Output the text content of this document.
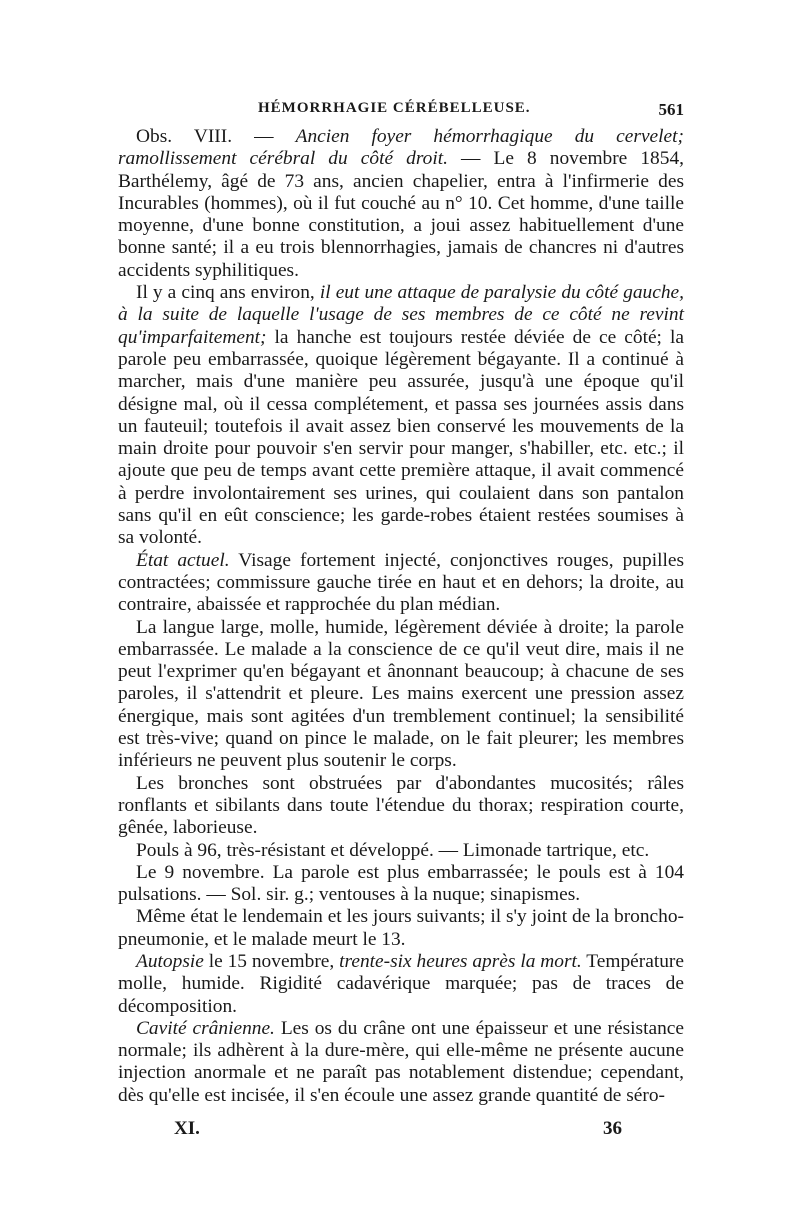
HÉMORRHAGIE CÉRÉBELLEUSE.	561

Obs. VIII. — Ancien foyer hémorrhagique du cervelet; ramollissement cérébral du côté droit. — Le 8 novembre 1854, Barthélemy, âgé de 73 ans, ancien chapelier, entra à l'infirmerie des Incurables (hommes), où il fut couché au n° 10. Cet homme, d'une taille moyenne, d'une bonne constitution, a joui assez habituellement d'une bonne santé; il a eu trois blennorrhagies, jamais de chancres ni d'autres accidents syphilitiques.

Il y a cinq ans environ, il eut une attaque de paralysie du côté gauche, à la suite de laquelle l'usage de ses membres de ce côté ne revint qu'imparfaitement; la hanche est toujours restée déviée de ce côté; la parole peu embarrassée, quoique légèrement bégayante. Il a continué à marcher, mais d'une manière peu assurée, jusqu'à une époque qu'il désigne mal, où il cessa complétement, et passa ses journées assis dans un fauteuil; toutefois il avait assez bien conservé les mouvements de la main droite pour pouvoir s'en servir pour manger, s'habiller, etc. etc.; il ajoute que peu de temps avant cette première attaque, il avait commencé à perdre involontairement ses urines, qui coulaient dans son pantalon sans qu'il en eût conscience; les garde-robes étaient restées soumises à sa volonté.

État actuel. Visage fortement injecté, conjonctives rouges, pupilles contractées; commissure gauche tirée en haut et en dehors; la droite, au contraire, abaissée et rapprochée du plan médian.

La langue large, molle, humide, légèrement déviée à droite; la parole embarrassée. Le malade a la conscience de ce qu'il veut dire, mais il ne peut l'exprimer qu'en bégayant et ânonnant beaucoup; à chacune de ses paroles, il s'attendrit et pleure. Les mains exercent une pression assez énergique, mais sont agitées d'un tremblement continuel; la sensibilité est très-vive; quand on pince le malade, on le fait pleurer; les membres inférieurs ne peuvent plus soutenir le corps.

Les bronches sont obstruées par d'abondantes mucosités; râles ronflants et sibilants dans toute l'étendue du thorax; respiration courte, gênée, laborieuse.

Pouls à 96, très-résistant et développé. — Limonade tartrique, etc.

Le 9 novembre. La parole est plus embarrassée; le pouls est à 104 pulsations. — Sol. sir. g.; ventouses à la nuque; sinapismes.

Même état le lendemain et les jours suivants; il s'y joint de la broncho-pneumonie, et le malade meurt le 13.

Autopsie le 15 novembre, trente-six heures après la mort. Température molle, humide. Rigidité cadavérique marquée; pas de traces de décomposition.

Cavité crânienne. Les os du crâne ont une épaisseur et une résistance normale; ils adhèrent à la dure-mère, qui elle-même ne présente aucune injection anormale et ne paraît pas notablement distendue; cependant, dès qu'elle est incisée, il s'en écoule une assez grande quantité de séro-

XI.	36
